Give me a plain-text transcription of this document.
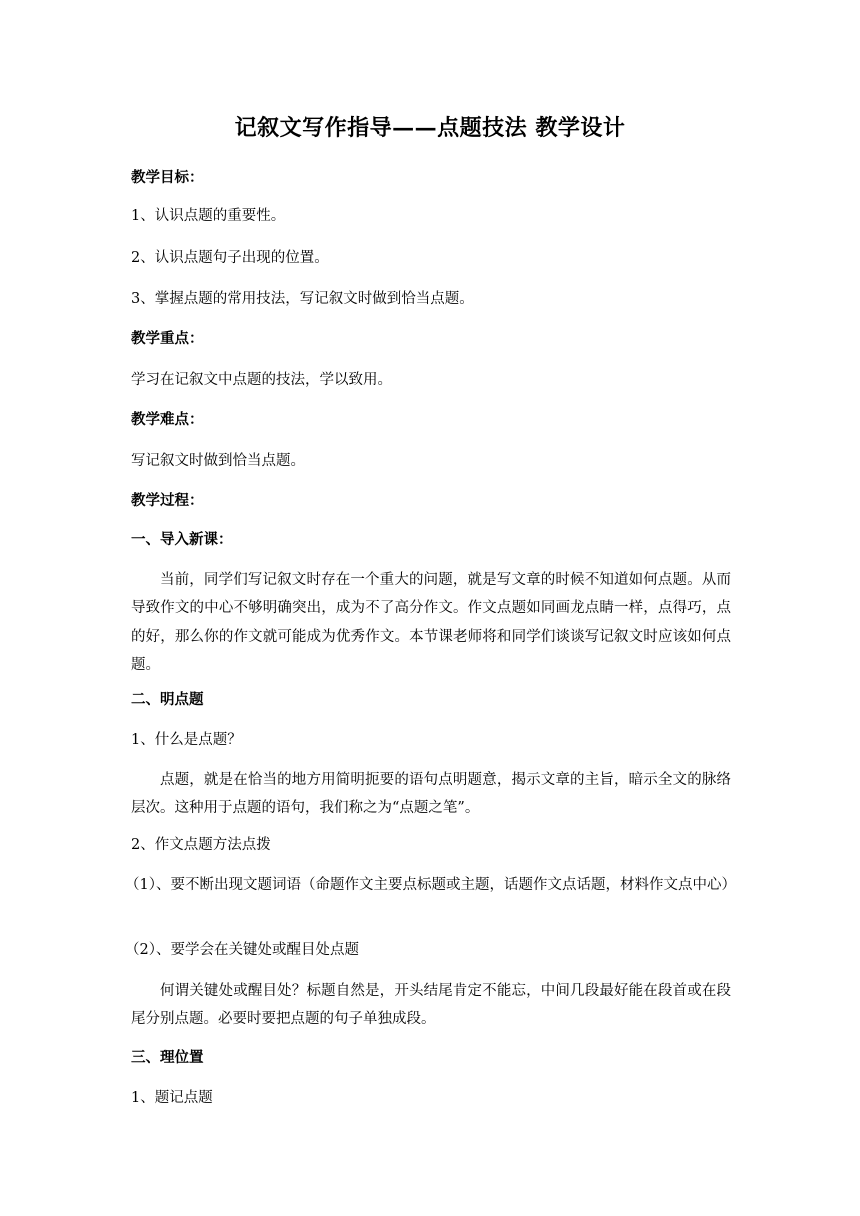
记叙文写作指导——点题技法 教学设计
教学目标：
1、认识点题的重要性。
2、认识点题句子出现的位置。
3、掌握点题的常用技法，写记叙文时做到恰当点题。
教学重点：
学习在记叙文中点题的技法，学以致用。
教学难点：
写记叙文时做到恰当点题。
教学过程：
一、导入新课：
当前，同学们写记叙文时存在一个重大的问题，就是写文章的时候不知道如何点题。从而导致作文的中心不够明确突出，成为不了高分作文。作文点题如同画龙点睛一样，点得巧，点的好，那么你的作文就可能成为优秀作文。本节课老师将和同学们谈谈写记叙文时应该如何点题。
二、明点题
1、什么是点题？
点题，就是在恰当的地方用简明扼要的语句点明题意，揭示文章的主旨，暗示全文的脉络层次。这种用于点题的语句，我们称之为“点题之笔”。
2、作文点题方法点拨
（1）、要不断出现文题词语（命题作文主要点标题或主题，话题作文点话题，材料作文点中心）
（2）、要学会在关键处或醒目处点题
何谓关键处或醒目处？标题自然是，开头结尾肯定不能忘，中间几段最好能在段首或在段尾分别点题。必要时要把点题的句子单独成段。
三、理位置
1、题记点题
